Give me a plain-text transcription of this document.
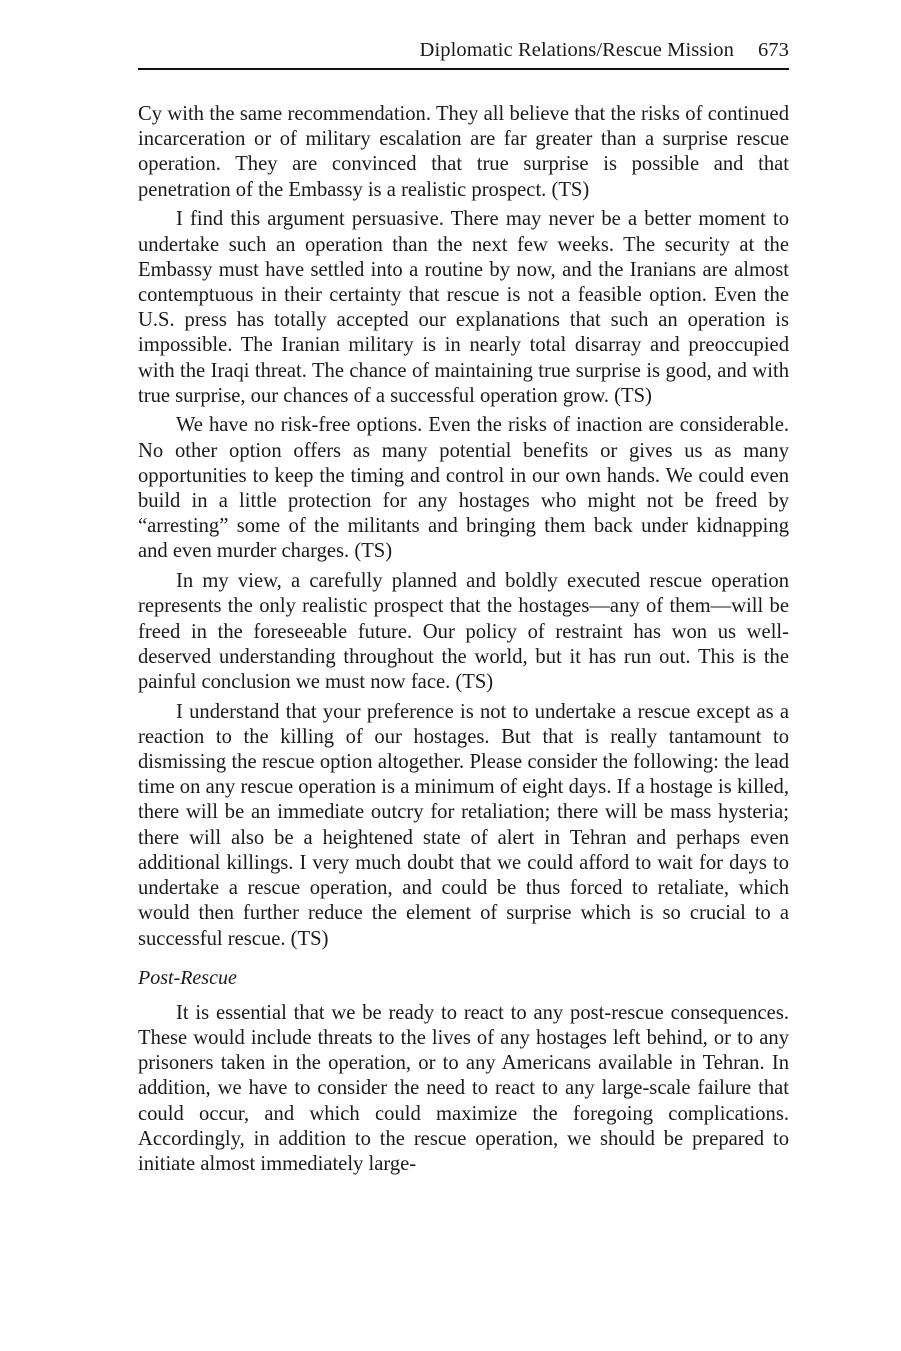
Diplomatic Relations/Rescue Mission 673

Cy with the same recommendation. They all believe that the risks of continued incarceration or of military escalation are far greater than a surprise rescue operation. They are convinced that true surprise is possible and that penetration of the Embassy is a realistic prospect. (TS)

I find this argument persuasive. There may never be a better moment to undertake such an operation than the next few weeks. The security at the Embassy must have settled into a routine by now, and the Iranians are almost contemptuous in their certainty that rescue is not a feasible option. Even the U.S. press has totally accepted our explanations that such an operation is impossible. The Iranian military is in nearly total disarray and preoccupied with the Iraqi threat. The chance of maintaining true surprise is good, and with true surprise, our chances of a successful operation grow. (TS)

We have no risk-free options. Even the risks of inaction are considerable. No other option offers as many potential benefits or gives us as many opportunities to keep the timing and control in our own hands. We could even build in a little protection for any hostages who might not be freed by “arresting” some of the militants and bringing them back under kidnapping and even murder charges. (TS)

In my view, a carefully planned and boldly executed rescue operation represents the only realistic prospect that the hostages—any of them—will be freed in the foreseeable future. Our policy of restraint has won us well-deserved understanding throughout the world, but it has run out. This is the painful conclusion we must now face. (TS)

I understand that your preference is not to undertake a rescue except as a reaction to the killing of our hostages. But that is really tantamount to dismissing the rescue option altogether. Please consider the following: the lead time on any rescue operation is a minimum of eight days. If a hostage is killed, there will be an immediate outcry for retaliation; there will be mass hysteria; there will also be a heightened state of alert in Tehran and perhaps even additional killings. I very much doubt that we could afford to wait for days to undertake a rescue operation, and could be thus forced to retaliate, which would then further reduce the element of surprise which is so crucial to a successful rescue. (TS)

Post-Rescue

It is essential that we be ready to react to any post-rescue consequences. These would include threats to the lives of any hostages left behind, or to any prisoners taken in the operation, or to any Americans available in Tehran. In addition, we have to consider the need to react to any large-scale failure that could occur, and which could maximize the foregoing complications. Accordingly, in addition to the rescue operation, we should be prepared to initiate almost immediately large-
